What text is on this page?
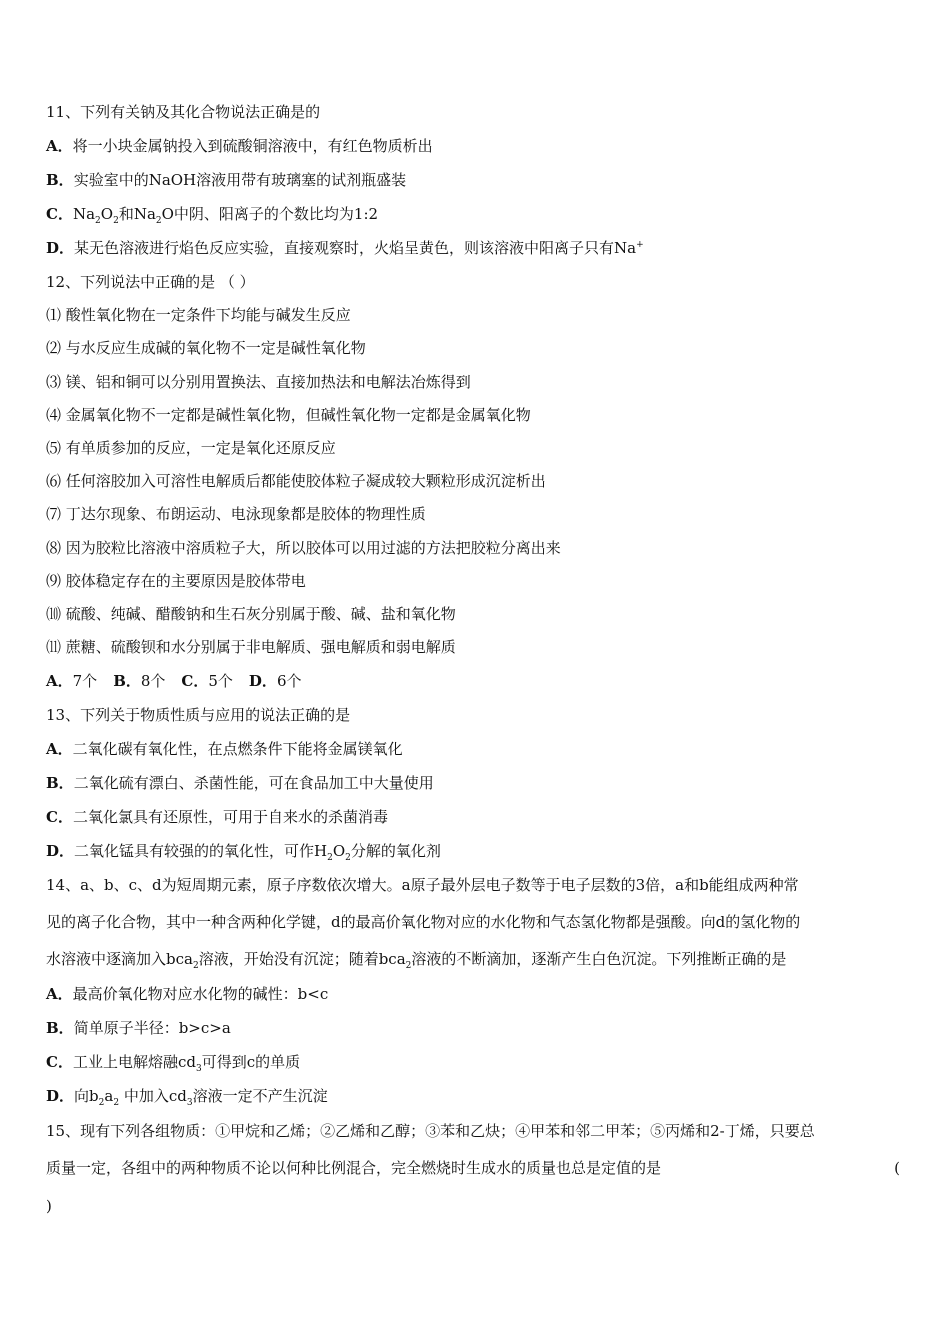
11、下列有关钠及其化合物说法正确是的
A．将一小块金属钠投入到硫酸铜溶液中，有红色物质析出
B．实验室中的NaOH溶液用带有玻璃塞的试剂瓶盛装
C．$Na_2O_2$和$Na_2O$中阴、阳离子的个数比均为1:2
D．某无色溶液进行焰色反应实验，直接观察时，火焰呈黄色，则该溶液中阳离子只有Na+
12、下列说法中正确的是 （ ）
⑴ 酸性氧化物在一定条件下均能与碱发生反应
⑵ 与水反应生成碱的氧化物不一定是碱性氧化物
⑶ 镁、铝和铜可以分别用置换法、直接加热法和电解法冶炼得到
⑷ 金属氧化物不一定都是碱性氧化物，但碱性氧化物一定都是金属氧化物
⑸ 有单质参加的反应，一定是氧化还原反应
⑹ 任何溶胶加入可溶性电解质后都能使胶体粒子凝成较大颗粒形成沉淀析出
⑺ 丁达尔现象、布朗运动、电泳现象都是胶体的物理性质
⑻ 因为胶粒比溶液中溶质粒子大，所以胶体可以用过滤的方法把胶粒分离出来
⑼ 胶体稳定存在的主要原因是胶体带电
⑽ 硫酸、纯碱、醋酸钠和生石灰分别属于酸、碱、盐和氧化物
⑾ 蔗糖、硫酸钡和水分别属于非电解质、强电解质和弱电解质
A．7个 B．8个 C．5个 D．6个
13、下列关于物质性质与应用的说法正确的是
A．二氧化碳有氧化性，在点燃条件下能将金属镁氧化
B．二氧化硫有漂白、杀菌性能，可在食品加工中大量使用
C．二氧化氯具有还原性，可用于自来水的杀菌消毒
D．二氧化锰具有较强的的氧化性，可作$H_2O_2$分解的氧化剂
14、a、b、c、d为短周期元素，原子序数依次增大。a原子最外层电子数等于电子层数的3倍，a和b能组成两种常
见的离子化合物，其中一种含两种化学键，d的最高价氧化物对应的水化物和气态氢化物都是强酸。向d的氢化物的
水溶液中逐滴加入bca$_2$溶液，开始没有沉淀；随着bca$_2$溶液的不断滴加，逐渐产生白色沉淀。下列推断正确的是
A．最高价氧化物对应水化物的碱性：b<c
B．简单原子半径：b>c>a
C．工业上电解熔融$cd_3$可得到c的单质
D．向$b_2a_2$ 中加入$cd_3$溶液一定不产生沉淀
15、现有下列各组物质：①甲烷和乙烯；②乙烯和乙醇；③苯和乙炔；④甲苯和邻二甲苯；⑤丙烯和2-丁烯，只要总
质量一定，各组中的两种物质不论以何种比例混合，完全燃烧时生成水的质量也总是定值的是	(
)
